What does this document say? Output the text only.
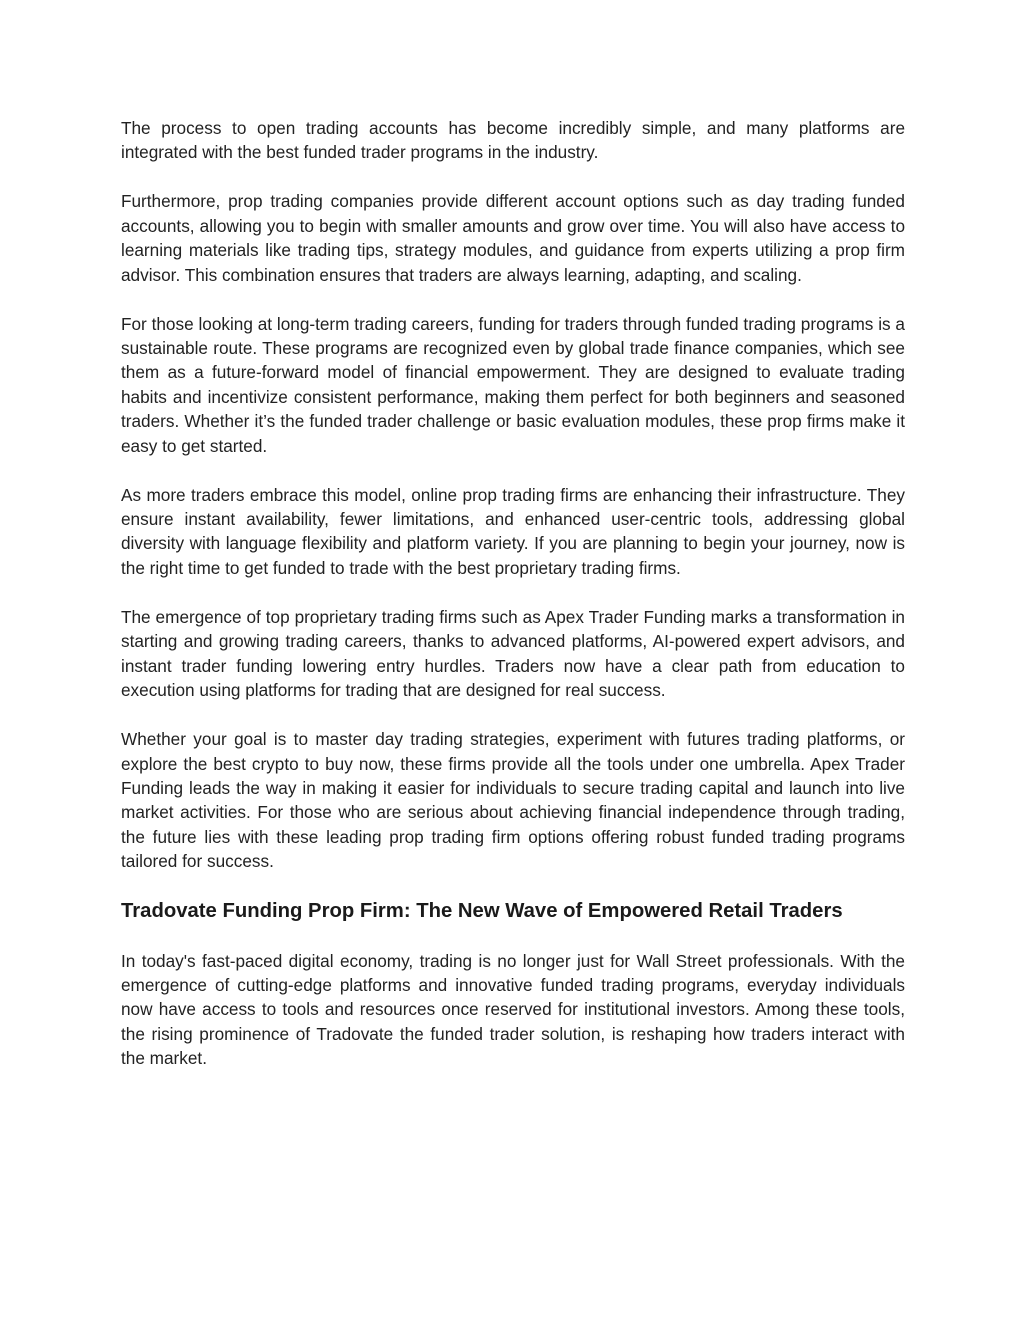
The process to open trading accounts has become incredibly simple, and many platforms are integrated with the best funded trader programs in the industry.

Furthermore, prop trading companies provide different account options such as day trading funded accounts, allowing you to begin with smaller amounts and grow over time. You will also have access to learning materials like trading tips, strategy modules, and guidance from experts utilizing a prop firm advisor. This combination ensures that traders are always learning, adapting, and scaling.

For those looking at long-term trading careers, funding for traders through funded trading programs is a sustainable route. These programs are recognized even by global trade finance companies, which see them as a future-forward model of financial empowerment. They are designed to evaluate trading habits and incentivize consistent performance, making them perfect for both beginners and seasoned traders. Whether it’s the funded trader challenge or basic evaluation modules, these prop firms make it easy to get started.

As more traders embrace this model, online prop trading firms are enhancing their infrastructure. They ensure instant availability, fewer limitations, and enhanced user-centric tools, addressing global diversity with language flexibility and platform variety. If you are planning to begin your journey, now is the right time to get funded to trade with the best proprietary trading firms.

The emergence of top proprietary trading firms such as Apex Trader Funding marks a transformation in starting and growing trading careers, thanks to advanced platforms, AI-powered expert advisors, and instant trader funding lowering entry hurdles. Traders now have a clear path from education to execution using platforms for trading that are designed for real success.

Whether your goal is to master day trading strategies, experiment with futures trading platforms, or explore the best crypto to buy now, these firms provide all the tools under one umbrella. Apex Trader Funding leads the way in making it easier for individuals to secure trading capital and launch into live market activities. For those who are serious about achieving financial independence through trading, the future lies with these leading prop trading firm options offering robust funded trading programs tailored for success.

Tradovate Funding Prop Firm: The New Wave of Empowered Retail Traders

In today's fast-paced digital economy, trading is no longer just for Wall Street professionals. With the emergence of cutting-edge platforms and innovative funded trading programs, everyday individuals now have access to tools and resources once reserved for institutional investors. Among these tools, the rising prominence of Tradovate the funded trader solution, is reshaping how traders interact with the market.
